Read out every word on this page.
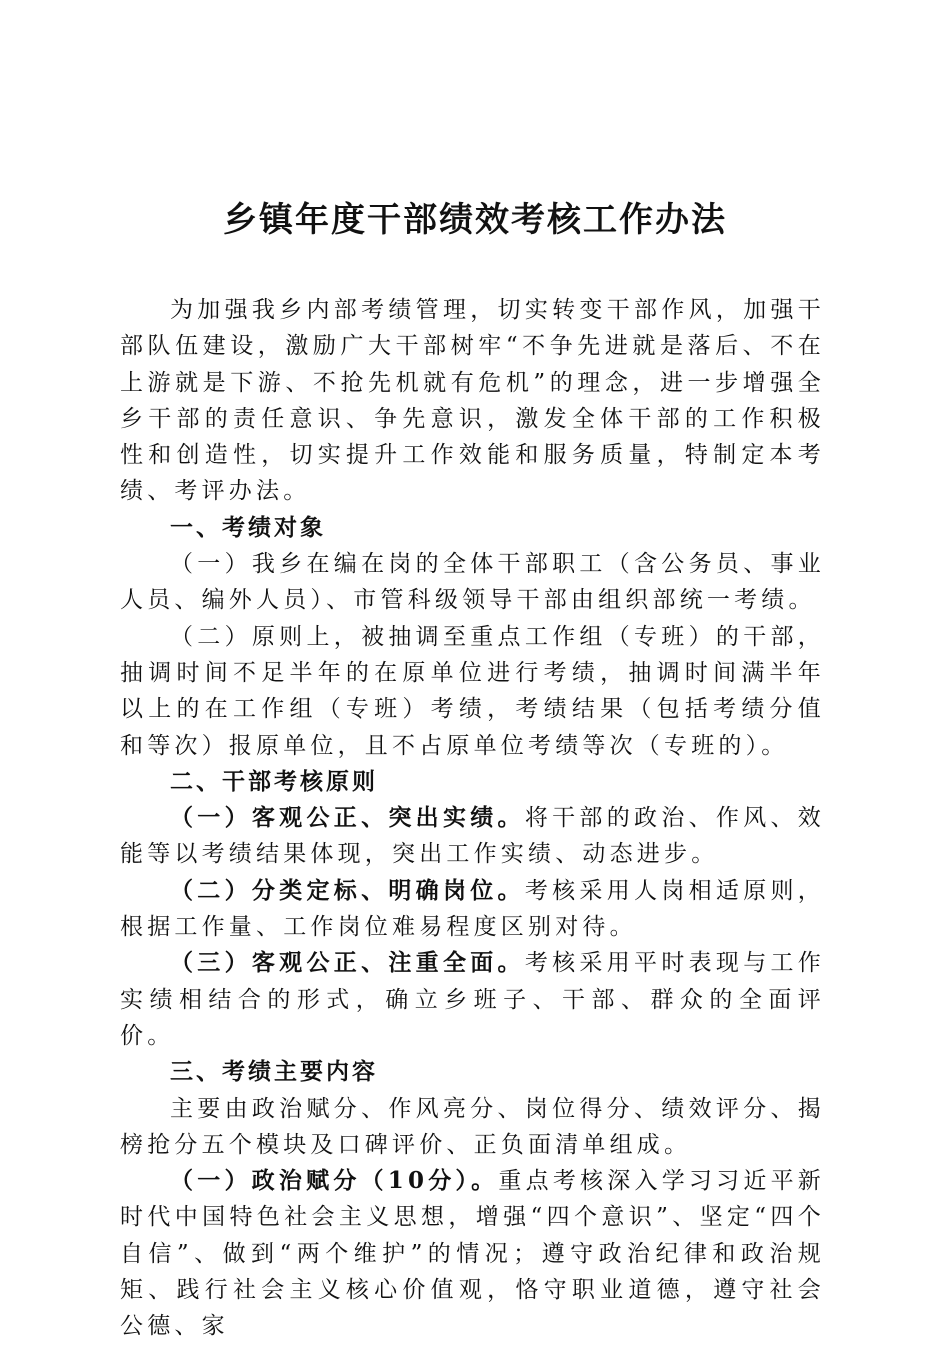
乡镇年度干部绩效考核工作办法

为加强我乡内部考绩管理，切实转变干部作风，加强干部队伍建设，激励广大干部树牢“不争先进就是落后、不在上游就是下游、不抢先机就有危机”的理念，进一步增强全乡干部的责任意识、争先意识，激发全体干部的工作积极性和创造性，切实提升工作效能和服务质量，特制定本考绩、考评办法。

一、考绩对象

（一）我乡在编在岗的全体干部职工（含公务员、事业人员、编外人员）、市管科级领导干部由组织部统一考绩。

（二）原则上，被抽调至重点工作组（专班）的干部，抽调时间不足半年的在原单位进行考绩，抽调时间满半年以上的在工作组（专班）考绩，考绩结果（包括考绩分值和等次）报原单位，且不占原单位考绩等次（专班的）。

二、干部考核原则

（一）客观公正、突出实绩。将干部的政治、作风、效能等以考绩结果体现，突出工作实绩、动态进步。

（二）分类定标、明确岗位。考核采用人岗相适原则，根据工作量、工作岗位难易程度区别对待。

（三）客观公正、注重全面。考核采用平时表现与工作实绩相结合的形式，确立乡班子、干部、群众的全面评价。

三、考绩主要内容

主要由政治赋分、作风亮分、岗位得分、绩效评分、揭榜抢分五个模块及口碑评价、正负面清单组成。

（一）政治赋分（10分）。重点考核深入学习习近平新时代中国特色社会主义思想，增强“四个意识”、坚定“四个自信”、做到“两个维护”的情况；遵守政治纪律和政治规矩、践行社会主义核心价值观，恪守职业道德，遵守社会公德、家
